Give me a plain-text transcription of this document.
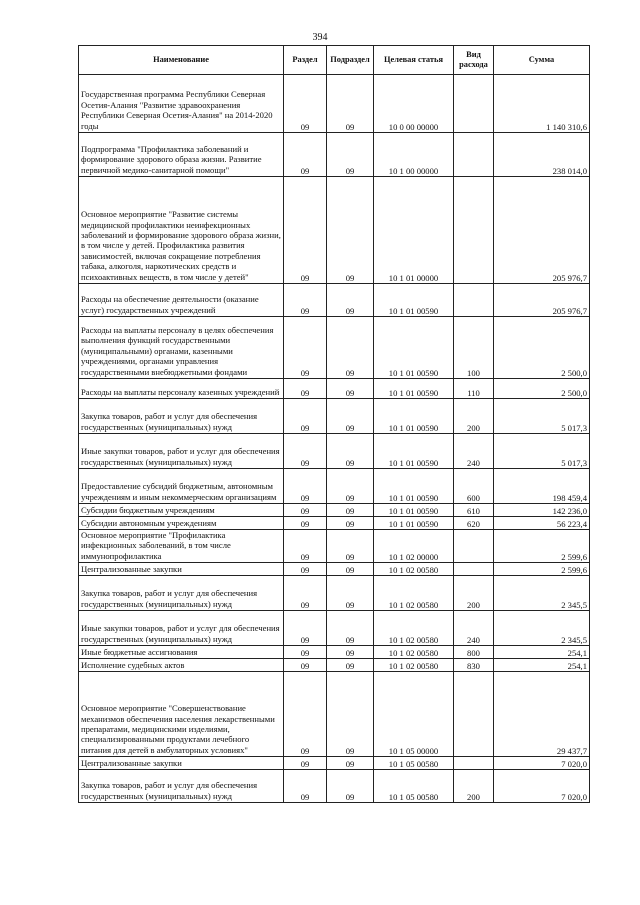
394
Наименование	Раздел	Подраздел	Целевая статья	Вид расхода	Сумма

Государственная программа Республики Северная Осетия-Алания "Развитие здравоохранения Республики Северная Осетия-Алания" на 2014-2020 годы	09	09	10 0 00 00000		1 140 310,6

Подпрограмма "Профилактика заболеваний и формирование здорового образа жизни. Развитие первичной медико-санитарной помощи"	09	09	10 1 00 00000		238 014,0

Основное мероприятие "Развитие системы медицинской профилактики неинфекционных заболеваний и формирование здорового образа жизни, в том числе у детей. Профилактика развития зависимостей, включая сокращение потребления табака, алкоголя, наркотических средств и психоактивных веществ, в том числе у детей"	09	09	10 1 01 00000		205 976,7

Расходы на обеспечение деятельности (оказание услуг) государственных учреждений	09	09	10 1 01 00590		205 976,7

Расходы на выплаты персоналу в целях обеспечения выполнения функций государственными (муниципальными) органами, казенными учреждениями, органами управления государственными внебюджетными фондами	09	09	10 1 01 00590	100	2 500,0

Расходы на выплаты персоналу казенных учреждений	09	09	10 1 01 00590	110	2 500,0

Закупка товаров, работ и услуг для обеспечения государственных (муниципальных) нужд	09	09	10 1 01 00590	200	5 017,3

Иные закупки товаров, работ и услуг для обеспечения государственных (муниципальных) нужд	09	09	10 1 01 00590	240	5 017,3

Предоставление субсидий бюджетным, автономным учреждениям и иным некоммерческим организациям	09	09	10 1 01 00590	600	198 459,4

Субсидии бюджетным учреждениям	09	09	10 1 01 00590	610	142 236,0

Субсидии автономным учреждениям	09	09	10 1 01 00590	620	56 223,4

Основное мероприятие "Профилактика инфекционных заболеваний, в том числе иммунопрофилактика	09	09	10 1 02 00000		2 599,6

Централизованные закупки	09	09	10 1 02 00580		2 599,6

Закупка товаров, работ и услуг для обеспечения государственных (муниципальных) нужд	09	09	10 1 02 00580	200	2 345,5

Иные закупки товаров, работ и услуг для обеспечения государственных (муниципальных) нужд	09	09	10 1 02 00580	240	2 345,5

Иные бюджетные ассигнования	09	09	10 1 02 00580	800	254,1

Исполнение судебных актов	09	09	10 1 02 00580	830	254,1

Основное мероприятие "Совершенствование механизмов обеспечения населения лекарственными препаратами, медицинскими изделиями, специализированными продуктами лечебного питания для детей в амбулаторных условиях"	09	09	10 1 05 00000		29 437,7

Централизованные закупки	09	09	10 1 05 00580		7 020,0

Закупка товаров, работ и услуг для обеспечения государственных (муниципальных) нужд	09	09	10 1 05 00580	200	7 020,0
